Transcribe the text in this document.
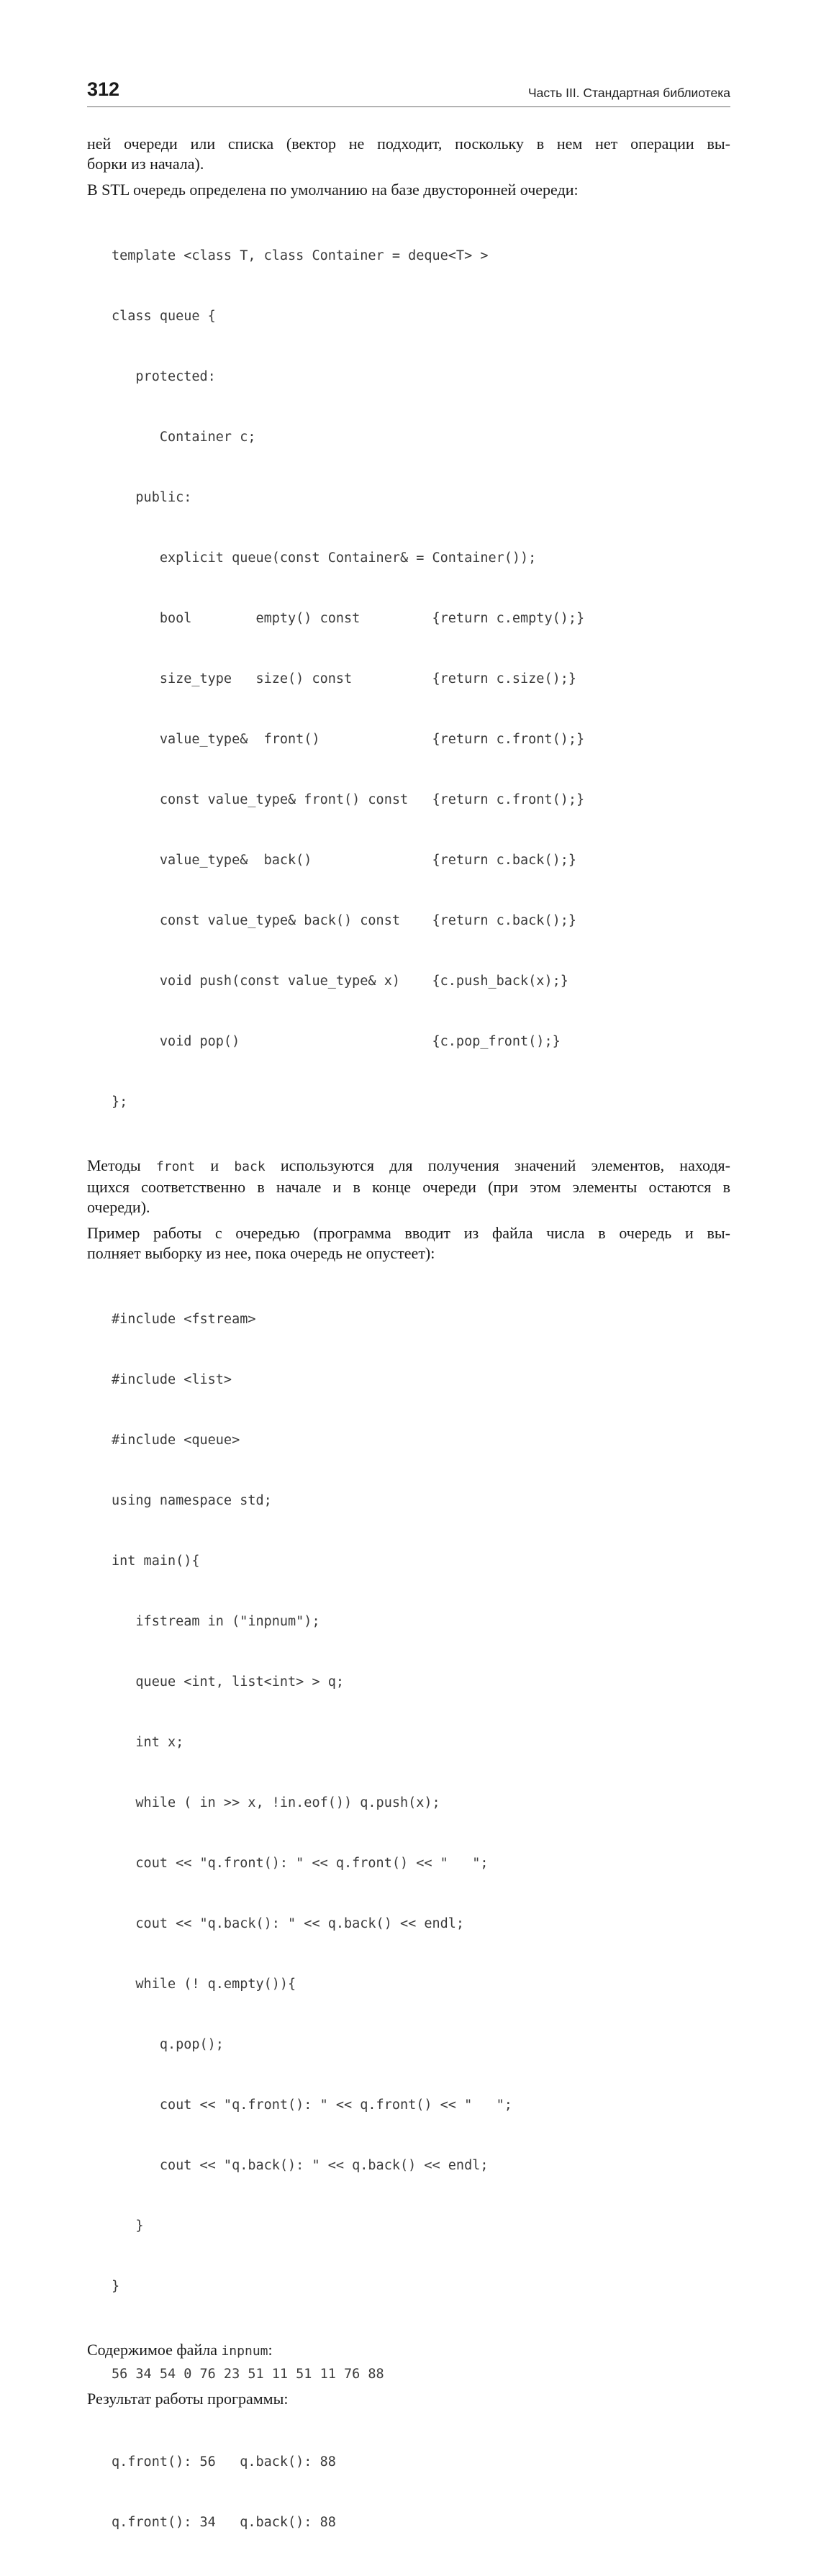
312	Часть III. Стандартная библиотека

ней очереди или списка (вектор не подходит, поскольку в нем нет операции вы-
борки из начала).

В STL очередь определена по умолчанию на базе двусторонней очереди:

template <class T, class Container = deque<T> >

class queue {

protected:

Container c;

public:

explicit queue(const Container& = Container());

bool        empty() const         {return c.empty();}

size_type   size() const          {return c.size();}

value_type&  front()              {return c.front();}

const value_type& front() const   {return c.front();}

value_type&  back()               {return c.back();}

const value_type& back() const    {return c.back();}

void push(const value_type& x)    {c.push_back(x);}

void pop()                        {c.pop_front();}

};

Методы front и back используются для получения значений элементов, находя-
щихся соответственно в начале и в конце очереди (при этом элементы остаются в
очереди).

Пример работы с очередью (программа вводит из файла числа в очередь и вы-
полняет выборку из нее, пока очередь не опустеет):

#include <fstream>

#include <list>

#include <queue>

using namespace std;

int main(){

ifstream in ("inpnum");

queue <int, list<int> > q;

int x;

while ( in >> x, !in.eof()) q.push(x);

cout << "q.front(): " << q.front() << "   ";

cout << "q.back(): " << q.back() << endl;

while (! q.empty()){

q.pop();

cout << "q.front(): " << q.front() << "   ";

cout << "q.back(): " << q.back() << endl;

}

}

Содержимое файла inpnum:

56 34 54 0 76 23 51 11 51 11 76 88

Результат работы программы:

q.front(): 56   q.back(): 88

q.front(): 34   q.back(): 88
